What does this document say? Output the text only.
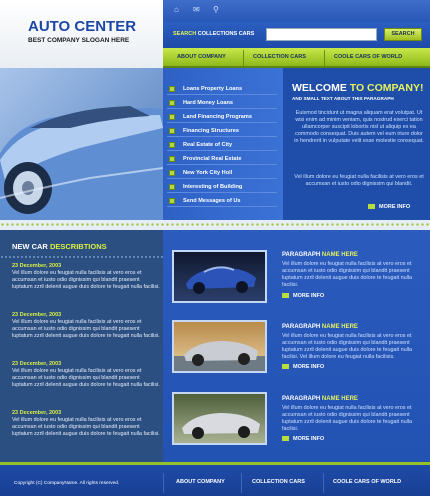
AUTO CENTER
BEST COMPANY SLOGAN HERE
⌂	✉ ⚲
SEARCH COLLECTIONS CARS	SEARCH
ABOUT COMPANY	COLLECTION CARS	COOLE CARS OF WORLD
Loans Property Loans
Hard Money Loans
Land Financing Programs
Financing Structures
Real Estate of City
Provincial Real Estate
New York City Holl
Interesting of Building
Send Messages of Us
WELCOME TO COMPANY!
AND SMALL TEXT ABOUT THIS PARAGRAPH
Euismod tincidunt ut magna aliquam erat volutpat. Ut wisi enim ad minim veniam, quis nostrud exerci tation ullamcorper suscipit lobortis nisl ut aliquip ex ea commodo consequat. Duis autem vel eum iriure dolor in hendrerit in vulputate velit esse molestie consequat.
Vel illum dolore eu feugiat nulla facilisis at vero eros et accumsan et iusto odio dignissim qui blandit.
MORE INFO
NEW CAR DESCRIBTIONS
23 December, 2003
Vel illum dolore eu feugiat nulla facilisis at vero eros et accumsan et iusto odio dignissim qui blandit praesent luptatum zzril delenit augue duis dolore te feugait nulla facilisi.
23 December, 2003
Vel illum dolore eu feugiat nulla facilisis at vero eros et accumsan et iusto odio dignissim qui blandit praesent luptatum zzril delenit augue duis dolore te feugait nulla facilisi.
23 December, 2003
Vel illum dolore eu feugiat nulla facilisis at vero eros et accumsan et iusto odio dignissim qui blandit praesent luptatum zzril delenit augue duis dolore te feugait nulla facilisi.
23 December, 2003
Vel illum dolore eu feugiat nulla facilisis at vero eros et accumsan et iusto odio dignissim qui blandit praesent luptatum zzril delenit augue duis dolore te feugait nulla facilisi.
PARAGRAPH NAME HERE
Vel illum dolore eu feugiat nulla facilisis at vero eros et accumsan et iusto odio dignissim qui blandit praesent luptatum zzril delenit augue duis dolore te feugait nulla facilisi.
MORE INFO
PARAGRAPH NAME HERE
Vel illum dolore eu feugiat nulla facilisis at vero eros et accumsan et iusto odio dignissim qui blandit praesent luptatum zzril delenit augue duis dolore te feugait nulla facilisi. Vel illum dolore eu feugiat nulla facilisis.
MORE INFO
PARAGRAPH NAME HERE
Vel illum dolore eu feugiat nulla facilisis at vero eros et accumsan et iusto odio dignissim qui blandit praesent luptatum zzril delenit augue duis dolore te feugait nulla facilisi.
MORE INFO
Copyright (C) CompanyName. All rights reserved.	ABOUT COMPANY	COLLECTION CARS	COOLE CARS OF WORLD
